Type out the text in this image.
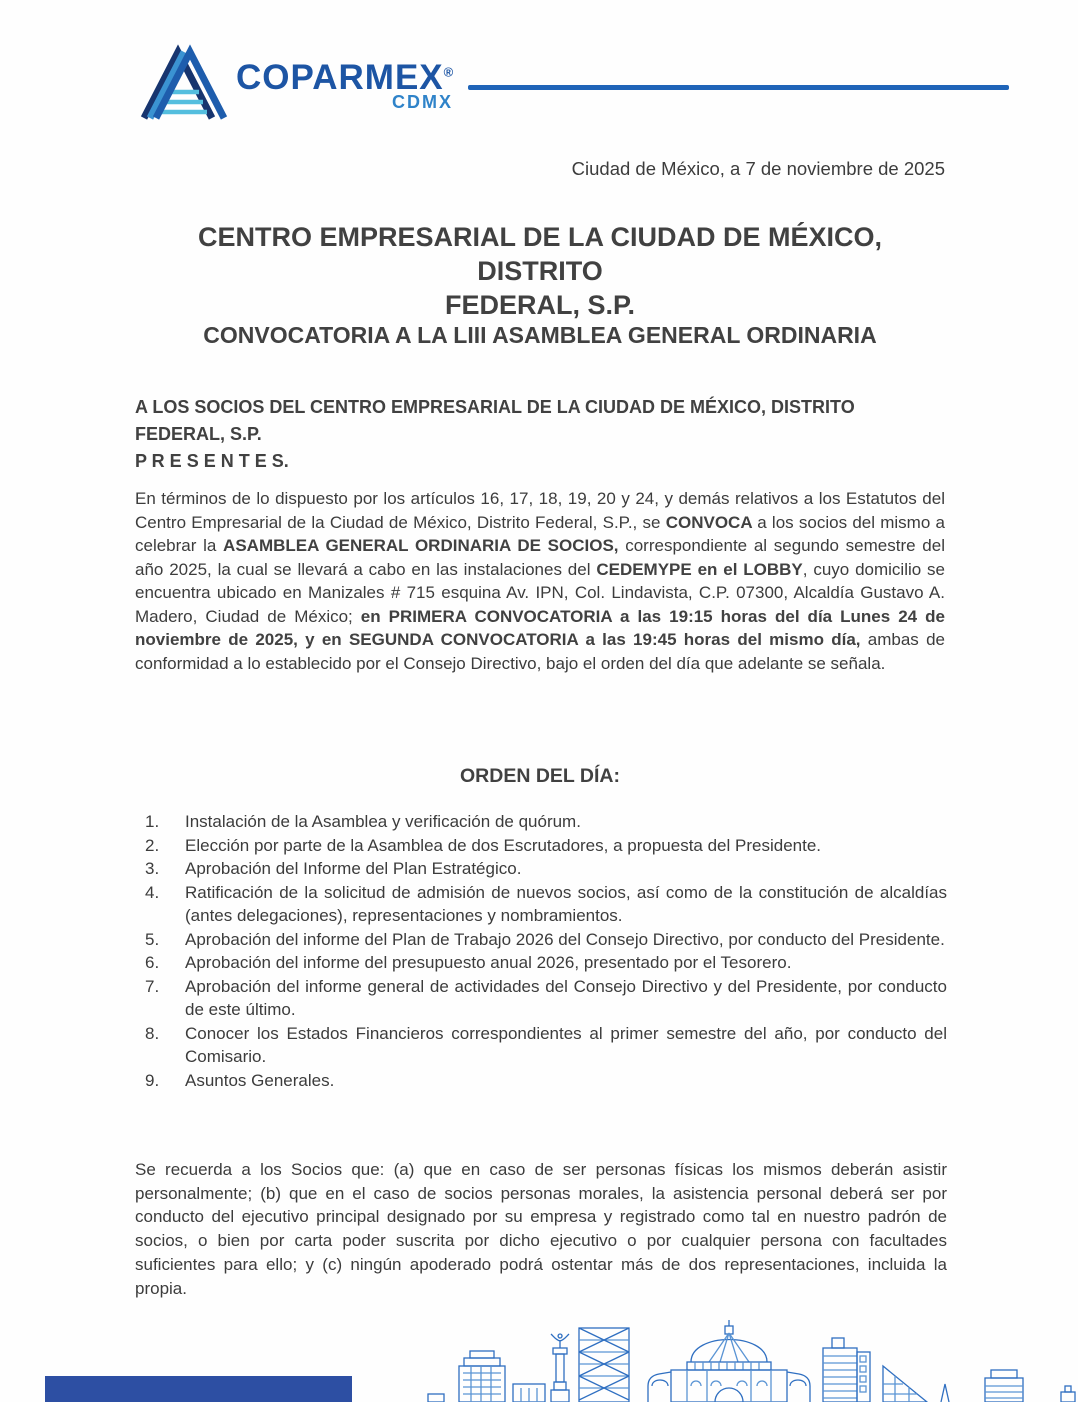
COPARMEX®
CDMX
Ciudad de México, a 7 de noviembre de 2025
CENTRO EMPRESARIAL DE LA CIUDAD DE MÉXICO, DISTRITO
FEDERAL, S.P.
CONVOCATORIA A LA LIII ASAMBLEA GENERAL ORDINARIA
A LOS SOCIOS DEL CENTRO EMPRESARIAL DE LA CIUDAD DE MÉXICO, DISTRITO
FEDERAL, S.P.
P R E S E N T E S.

En términos de lo dispuesto por los artículos 16, 17, 18, 19, 20 y 24, y demás relativos a los Estatutos del Centro Empresarial de la Ciudad de México, Distrito Federal, S.P., se CONVOCA a los socios del mismo a celebrar la ASAMBLEA GENERAL ORDINARIA DE SOCIOS, correspondiente al segundo semestre del año 2025, la cual se llevará a cabo en las instalaciones del CEDEMYPE en el LOBBY, cuyo domicilio se encuentra ubicado en Manizales # 715 esquina Av. IPN, Col. Lindavista, C.P. 07300, Alcaldía Gustavo A. Madero, Ciudad de México; en PRIMERA CONVOCATORIA a las 19:15 horas del día Lunes 24 de noviembre de 2025, y en SEGUNDA CONVOCATORIA a las 19:45 horas del mismo día, ambas de conformidad a lo establecido por el Consejo Directivo, bajo el orden del día que adelante se señala.

ORDEN DEL DÍA:
1. Instalación de la Asamblea y verificación de quórum.
2. Elección por parte de la Asamblea de dos Escrutadores, a propuesta del Presidente.
3. Aprobación del Informe del Plan Estratégico.
4. Ratificación de la solicitud de admisión de nuevos socios, así como de la constitución de alcaldías (antes delegaciones), representaciones y nombramientos.
5. Aprobación del informe del Plan de Trabajo 2026 del Consejo Directivo, por conducto del Presidente.
6. Aprobación del informe del presupuesto anual 2026, presentado por el Tesorero.
7. Aprobación del informe general de actividades del Consejo Directivo y del Presidente, por conducto de este último.
8. Conocer los Estados Financieros correspondientes al primer semestre del año, por conducto del Comisario.
9. Asuntos Generales.

Se recuerda a los Socios que: (a) que en caso de ser personas físicas los mismos deberán asistir personalmente; (b) que en el caso de socios personas morales, la asistencia personal deberá ser por conducto del ejecutivo principal designado por su empresa y registrado como tal en nuestro padrón de socios, o bien por carta poder suscrita por dicho ejecutivo o por cualquier persona con facultades suficientes para ello; y (c) ningún apoderado podrá ostentar más de dos representaciones, incluida la propia.
